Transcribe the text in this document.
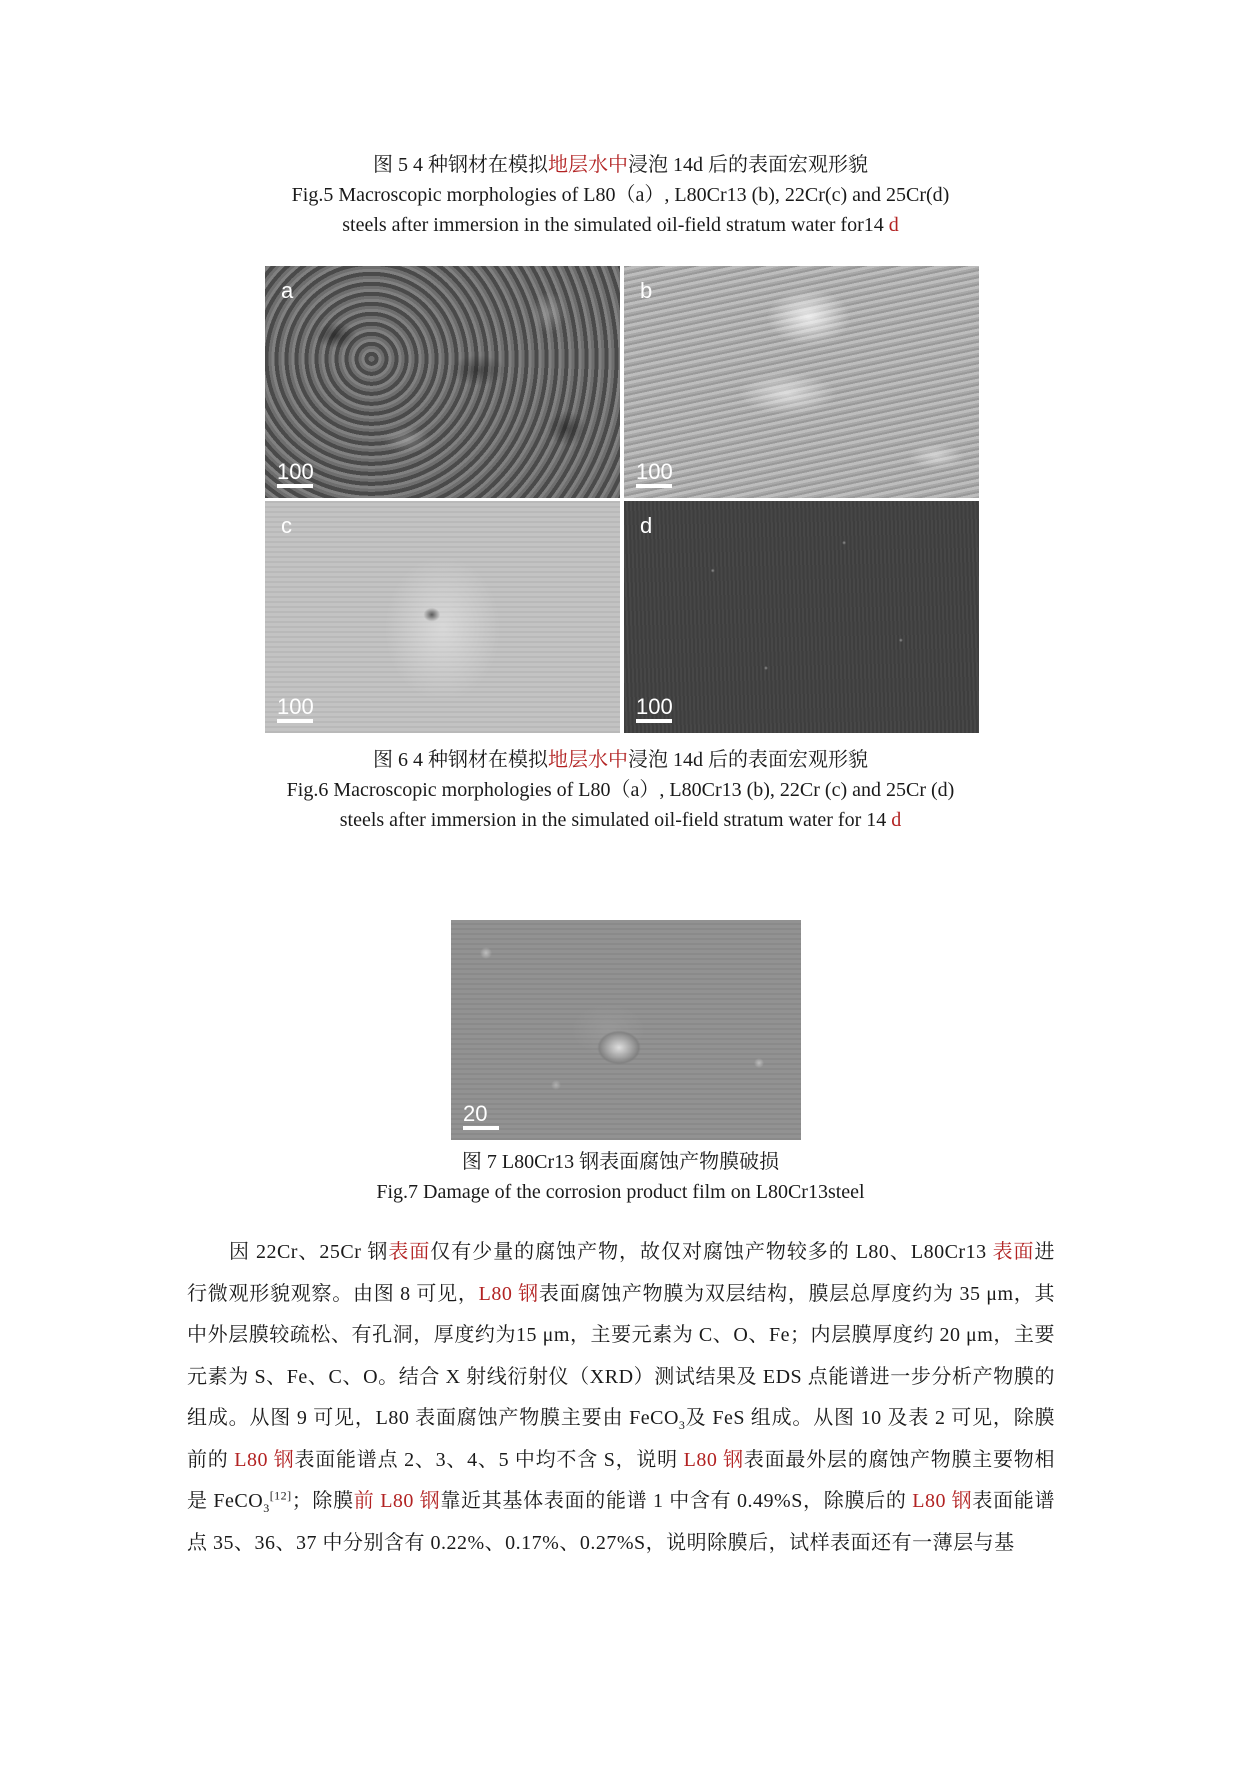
图 5 4 种钢材在模拟地层水中浸泡 14d 后的表面宏观形貌
Fig.5 Macroscopic morphologies of L80（a）, L80Cr13 (b), 22Cr(c) and 25Cr(d)
steels after immersion in the simulated oil-field stratum water for14 d
a
100
b
100
c
100
d
100
图 6 4 种钢材在模拟地层水中浸泡 14d 后的表面宏观形貌
Fig.6 Macroscopic morphologies of L80（a）, L80Cr13 (b), 22Cr (c) and 25Cr (d)
steels after immersion in the simulated oil-field stratum water for 14 d
20
图 7 L80Cr13 钢表面腐蚀产物膜破损
Fig.7 Damage of the corrosion product film on L80Cr13steel

因 22Cr、25Cr 钢表面仅有少量的腐蚀产物，故仅对腐蚀产物较多的 L80、L80Cr13 表面进行微观形貌观察。由图 8 可见，L80 钢表面腐蚀产物膜为双层结构，膜层总厚度约为 35 μm，其中外层膜较疏松、有孔洞，厚度约为15 μm，主要元素为 C、O、Fe；内层膜厚度约 20 μm，主要元素为 S、Fe、C、O。结合 X 射线衍射仪（XRD）测试结果及 EDS 点能谱进一步分析产物膜的组成。从图 9 可见，L80 表面腐蚀产物膜主要由 FeCO$_3$及 FeS 组成。从图 10 及表 2 可见，除膜前的 L80 钢表面能谱点 2、3、4、5 中均不含 S，说明 L80 钢表面最外层的腐蚀产物膜主要物相是 FeCO$_3$[12]；除膜前 L80 钢靠近其基体表面的能谱 1 中含有 0.49%S，除膜后的 L80 钢表面能谱点 35、36、37 中分别含有 0.22%、0.17%、0.27%S，说明除膜后，试样表面还有一薄层与基
